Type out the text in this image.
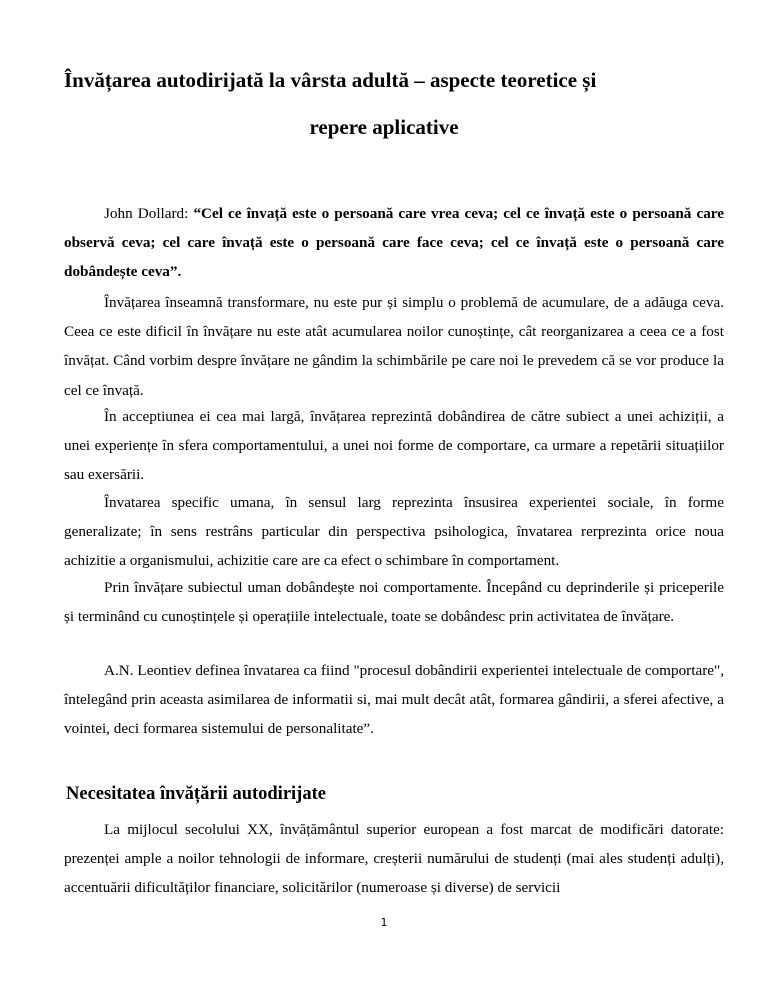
Învățarea autodirijată la vârsta adultă – aspecte teoretice și
repere aplicative
John Dollard: “Cel ce învață este o persoană care vrea ceva; cel ce învață este o persoană care observă ceva; cel care învață este o persoană care face ceva; cel ce învață este o persoană care dobândește ceva”.
Învățarea înseamnă transformare, nu este pur și simplu o problemă de acumulare, de a adăuga ceva. Ceea ce este dificil în învățare nu este atât acumularea noilor cunoștințe, cât reorganizarea a ceea ce a fost învățat. Când vorbim despre învățare ne gândim la schimbările pe care noi le prevedem că se vor produce la cel ce învață.
În acceptiunea ei cea mai largă, învățarea reprezintă dobândirea de către subiect a unei achiziții, a unei experiențe în sfera comportamentului, a unei noi forme de comportare, ca urmare a repetării situațiilor sau exersării.
Învatarea specific umana, în sensul larg reprezinta însusirea experientei sociale, în forme generalizate; în sens restrâns particular din perspectiva psihologica, învatarea rerprezinta orice noua achizitie a organismului, achizitie care are ca efect o schimbare în comportament.
Prin învățare subiectul uman dobândește noi comportamente. Începând cu deprinderile și priceperile și terminând cu cunoștințele și operațiile intelectuale, toate se dobândesc prin activitatea de învățare.
A.N. Leontiev definea învatarea ca fiind "procesul dobândirii experientei intelectuale de comportare", întelegând prin aceasta asimilarea de informatii si, mai mult decât atât, formarea gândirii, a sferei afective, a vointei, deci formarea sistemului de personalitate”.
Necesitatea învățării autodirijate
La mijlocul secolului XX, învățământul superior european a fost marcat de modificări datorate: prezenței ample a noilor tehnologii de informare, creșterii numărului de studenți (mai ales studenți adulți), accentuării dificultăților financiare, solicitărilor (numeroase și diverse) de servicii
1
